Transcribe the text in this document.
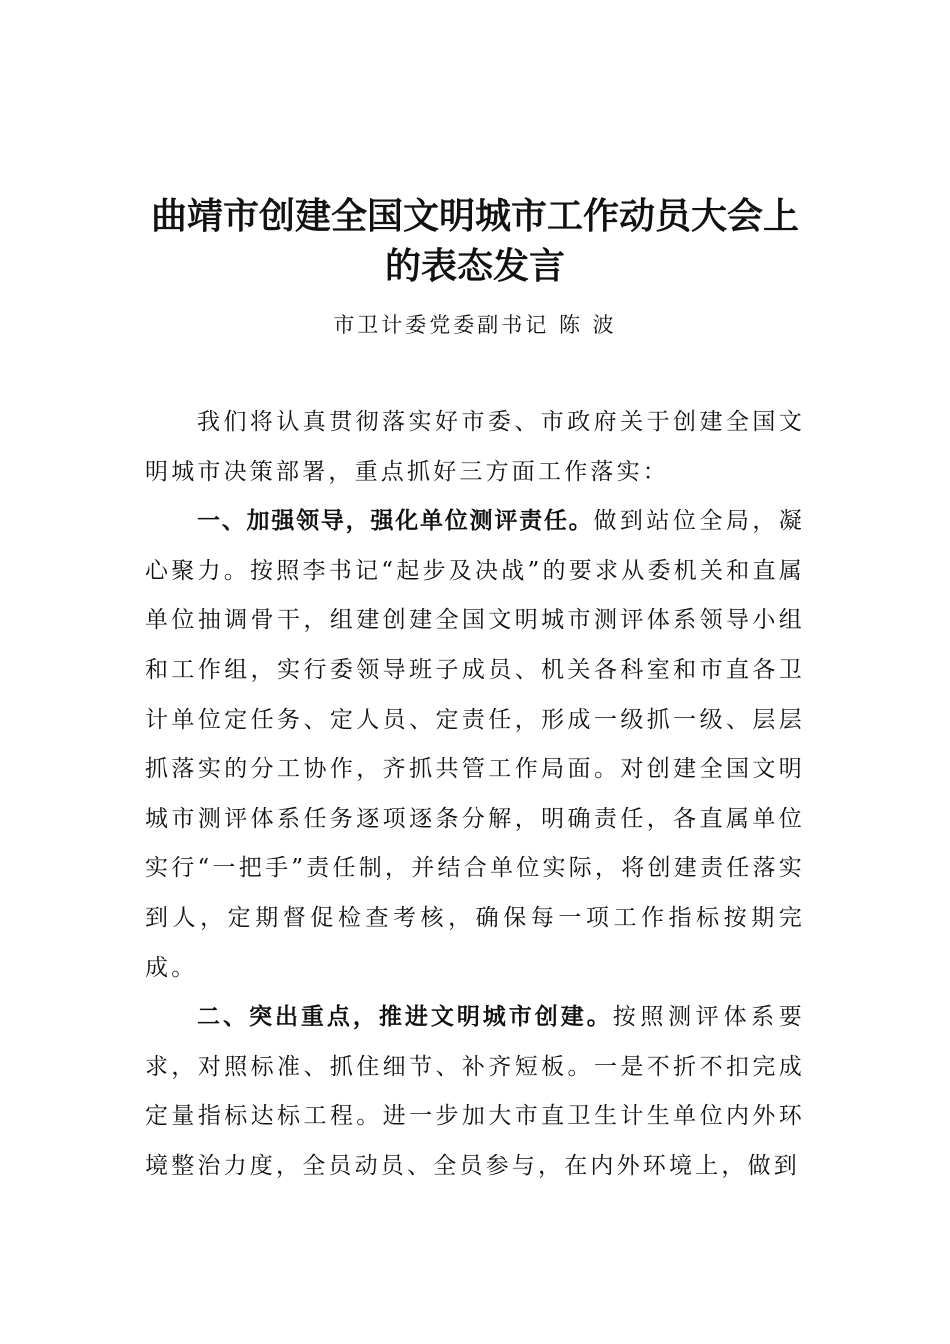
曲靖市创建全国文明城市工作动员大会上
的表态发言

市卫计委党委副书记 陈 波

我们将认真贯彻落实好市委、市政府关于创建全国文明城市决策部署，重点抓好三方面工作落实：

一、加强领导，强化单位测评责任。做到站位全局，凝心聚力。按照李书记“起步及决战”的要求从委机关和直属单位抽调骨干，组建创建全国文明城市测评体系领导小组和工作组，实行委领导班子成员、机关各科室和市直各卫计单位定任务、定人员、定责任，形成一级抓一级、层层抓落实的分工协作，齐抓共管工作局面。对创建全国文明城市测评体系任务逐项逐条分解，明确责任，各直属单位实行“一把手”责任制，并结合单位实际，将创建责任落实到人，定期督促检查考核，确保每一项工作指标按期完成。

二、突出重点，推进文明城市创建。按照测评体系要求，对照标准、抓住细节、补齐短板。一是不折不扣完成定量指标达标工程。进一步加大市直卫生计生单位内外环境整治力度，全员动员、全员参与，在内外环境上，做到
